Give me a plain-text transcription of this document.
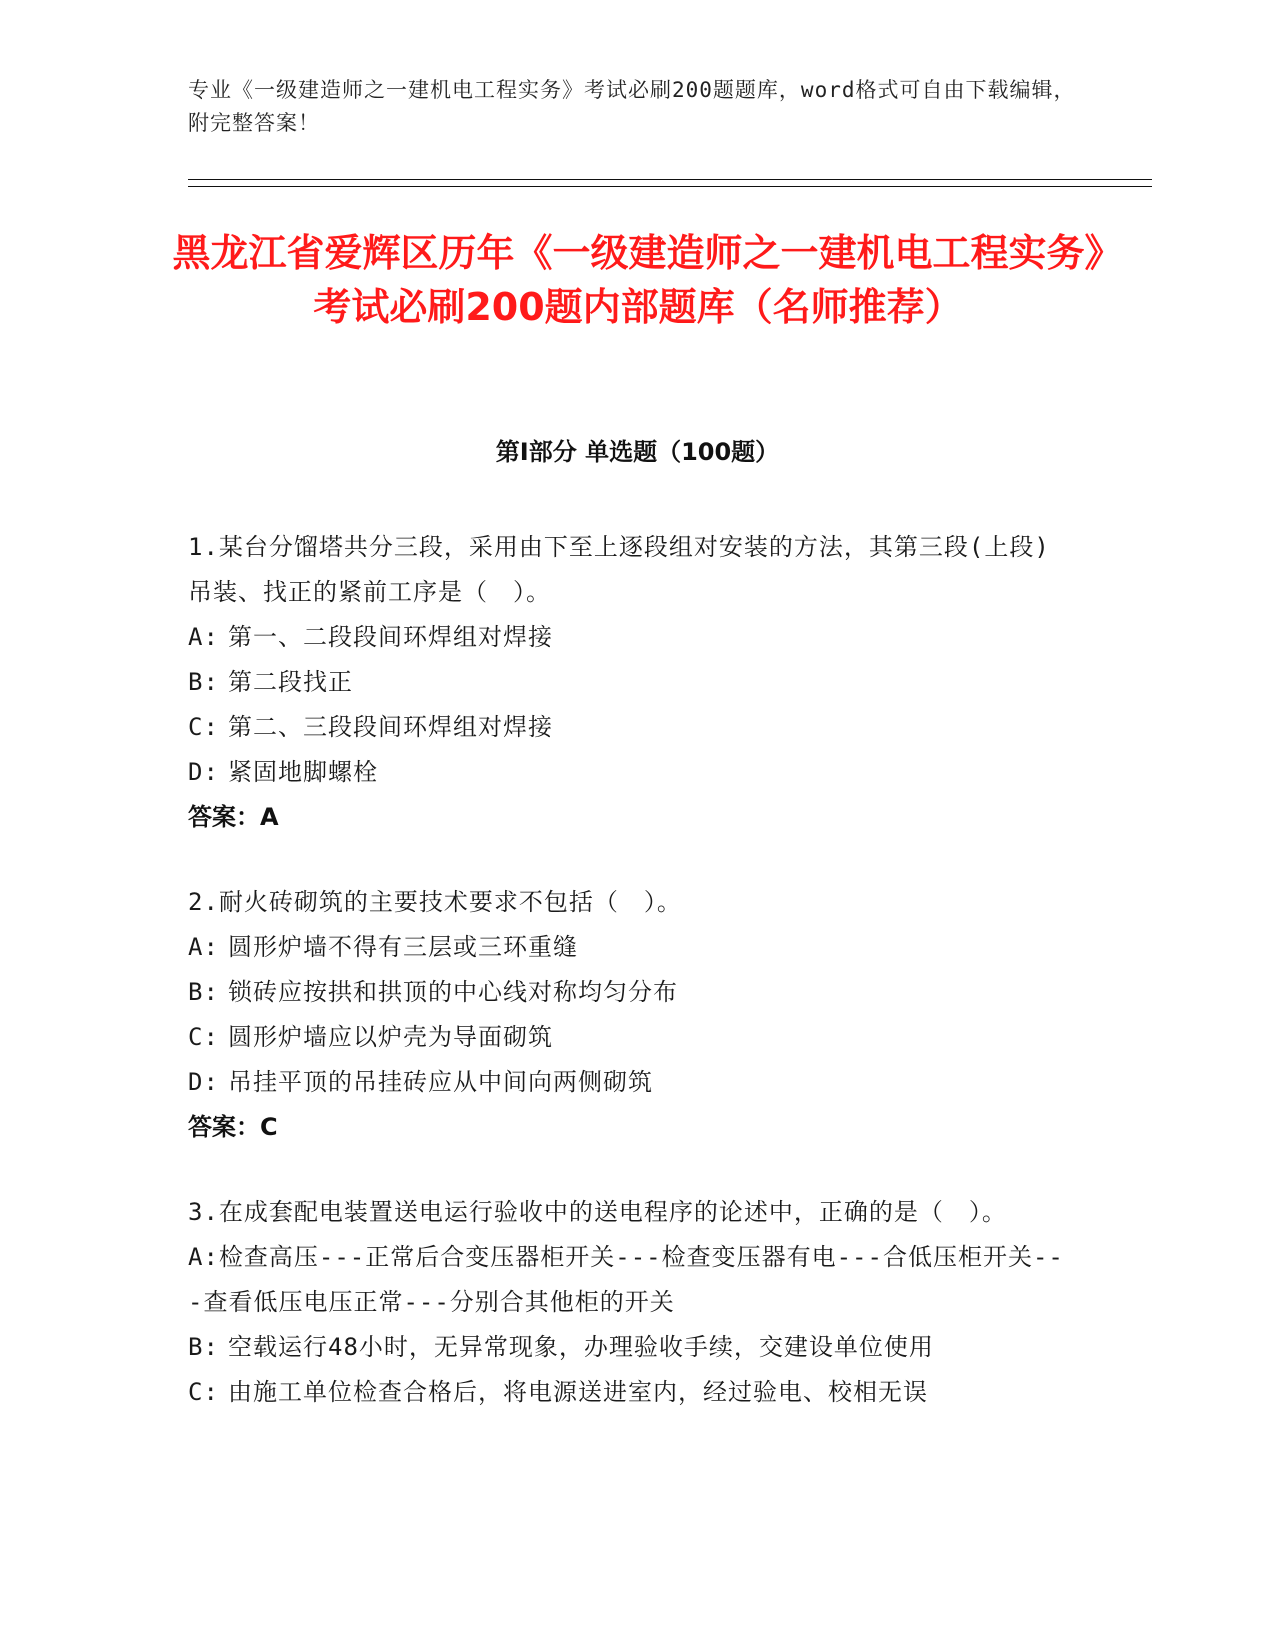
专业《一级建造师之一建机电工程实务》考试必刷200题题库，word格式可自由下载编辑，附完整答案！
黑龙江省爱辉区历年《一级建造师之一建机电工程实务》考试必刷200题内部题库（名师推荐）
第I部分 单选题（100题）
1.某台分馏塔共分三段，采用由下至上逐段组对安装的方法，其第三段(上段)吊装、找正的紧前工序是（　）。
A: 第一、二段段间环焊组对焊接
B: 第二段找正
C: 第二、三段段间环焊组对焊接
D: 紧固地脚螺栓
答案：A
2.耐火砖砌筑的主要技术要求不包括（　）。
A: 圆形炉墙不得有三层或三环重缝
B: 锁砖应按拱和拱顶的中心线对称均匀分布
C: 圆形炉墙应以炉壳为导面砌筑
D: 吊挂平顶的吊挂砖应从中间向两侧砌筑
答案：C
3.在成套配电装置送电运行验收中的送电程序的论述中，正确的是（　）。
A:检查高压---正常后合变压器柜开关---检查变压器有电---合低压柜开关---查看低压电压正常---分别合其他柜的开关
B: 空载运行48小时，无异常现象，办理验收手续，交建设单位使用
C: 由施工单位检查合格后，将电源送进室内，经过验电、校相无误
